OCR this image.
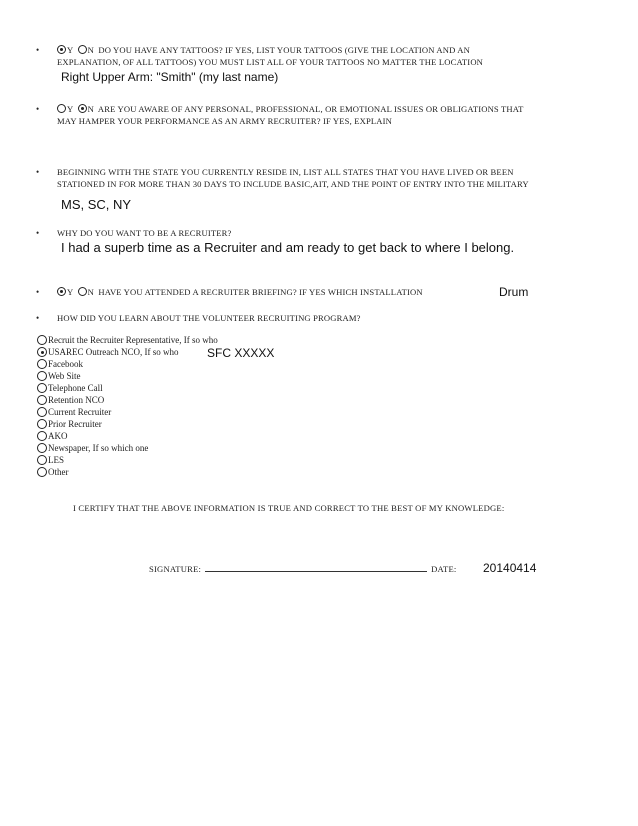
•	Y N DO YOU HAVE ANY TATTOOS? IF YES, LIST YOUR TATTOOS (GIVE THE LOCATION AND AN
EXPLANATION, OF ALL TATTOOS) YOU MUST LIST ALL OF YOUR TATTOOS NO MATTER THE LOCATION
Right Upper Arm: "Smith" (my last name)
•	Y N ARE YOU AWARE OF ANY PERSONAL, PROFESSIONAL, OR EMOTIONAL ISSUES OR OBLIGATIONS THAT
MAY HAMPER YOUR PERFORMANCE AS AN ARMY RECRUITER? IF YES, EXPLAIN
• BEGINNING WITH THE STATE YOU CURRENTLY RESIDE IN, LIST ALL STATES THAT YOU HAVE LIVED OR BEEN
STATIONED IN FOR MORE THAN 30 DAYS TO INCLUDE BASIC,AIT, AND THE POINT OF ENTRY INTO THE MILITARY
MS, SC, NY
• WHY DO YOU WANT TO BE A RECRUITER?
I had a superb time as a Recruiter and am ready to get back to where I belong.
•	Y N HAVE YOU ATTENDED A RECRUITER BRIEFING? IF YES WHICH INSTALLATION	Drum
• HOW DID YOU LEARN ABOUT THE VOLUNTEER RECRUITING PROGRAM?
Recruit the Recruiter Representative, If so who
USAREC Outreach NCO, If so who SFC XXXXX
Facebook
Web Site
Telephone Call
Retention NCO
Current Recruiter
Prior Recruiter
AKO
Newspaper, If so which one
LES
Other
I CERTIFY THAT THE ABOVE INFORMATION IS TRUE AND CORRECT TO THE BEST OF MY KNOWLEDGE:
SIGNATURE:	DATE: 20140414
